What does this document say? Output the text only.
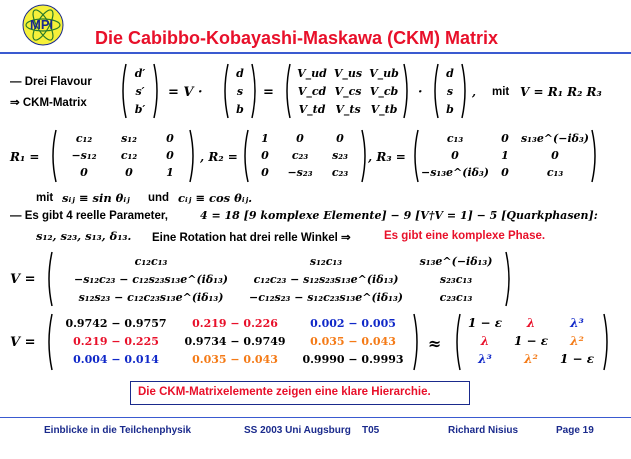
MPI
Die Cabibbo-Kobayashi-Maskawa (CKM) Matrix
— Drei Flavour
⇒ CKM-Matrix
d′
s′
b′
= V ·
d
s
b
=
V_ud V_us V_ub
V_cd V_cs V_cb
V_td V_ts V_tb
·
d
s
b
, mit V = R₁ R₂ R₃
R₁ =
c₁₂	s₁₂	0
−s₁₂ c₁₂	0
0	0	1
, R₂ =
1 0	0
0 c₂₃ s₂₃
0 −s₂₃ c₂₃
, R₃ =
c₁₃	0 s₁₃e^(−iδ₃)
0	1	0
−s₁₃e^(iδ₃) 0	c₁₃
mit sᵢⱼ ≡ sin θᵢⱼ und cᵢⱼ ≡ cos θᵢⱼ.
— Es gibt 4 reelle Parameter,	4 = 18 [9 komplexe Elemente] − 9 [V†V = 1] − 5 [Quarkphasen]:
s₁₂, s₂₃, s₁₃, δ₁₃. Eine Rotation hat drei relle Winkel ⇒	Es gibt eine komplexe Phase.
V =
c₁₂c₁₃	s₁₂c₁₃	s₁₃e^(−iδ₁₃)
−s₁₂c₂₃ − c₁₂s₂₃s₁₃e^(iδ₁₃) c₁₂c₂₃ − s₁₂s₂₃s₁₃e^(iδ₁₃)	s₂₃c₁₃
s₁₂s₂₃ − c₁₂c₂₃s₁₃e^(iδ₁₃) −c₁₂s₂₃ − s₁₂c₂₃s₁₃e^(iδ₁₃)	c₂₃c₁₃
V =
0.9742 − 0.9757 0.219 − 0.226	0.002 − 0.005
0.219 − 0.225 0.9734 − 0.9749 0.035 − 0.043
0.004 − 0.014	0.035 − 0.043 0.9990 − 0.9993
≈
1 − ε λ	λ³
λ 1 − ε λ²
λ³	λ² 1 − ε
Die CKM-Matrixelemente zeigen eine klare Hierarchie.
Einblicke in die Teilchenphysik	SS 2003 Uni Augsburg T05	Richard Nisius	Page 19
